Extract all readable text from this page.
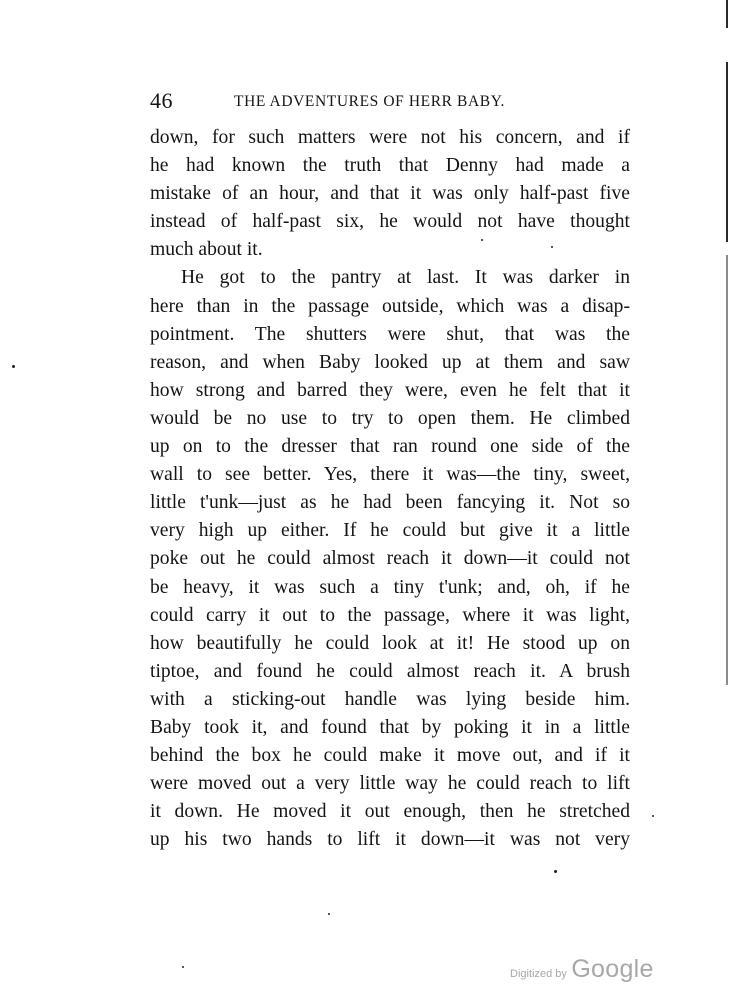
46	THE ADVENTURES OF HERR BABY.
down, for such matters were not his concern, and if
he had known the truth that Denny had made a
mistake of an hour, and that it was only half-past five
instead of half-past six, he would not have thought
much about it.
He got to the pantry at last. It was darker in
here than in the passage outside, which was a disap-
pointment. The shutters were shut, that was the
reason, and when Baby looked up at them and saw
how strong and barred they were, even he felt that it
would be no use to try to open them. He climbed
up on to the dresser that ran round one side of the
wall to see better. Yes, there it was—the tiny, sweet,
little t'unk—just as he had been fancying it. Not so
very high up either. If he could but give it a little
poke out he could almost reach it down—it could not
be heavy, it was such a tiny t'unk; and, oh, if he
could carry it out to the passage, where it was light,
how beautifully he could look at it! He stood up on
tiptoe, and found he could almost reach it. A brush
with a sticking-out handle was lying beside him.
Baby took it, and found that by poking it in a little
behind the box he could make it move out, and if it
were moved out a very little way he could reach to lift
it down. He moved it out enough, then he stretched
up his two hands to lift it down—it was not very
Digitized by Google
